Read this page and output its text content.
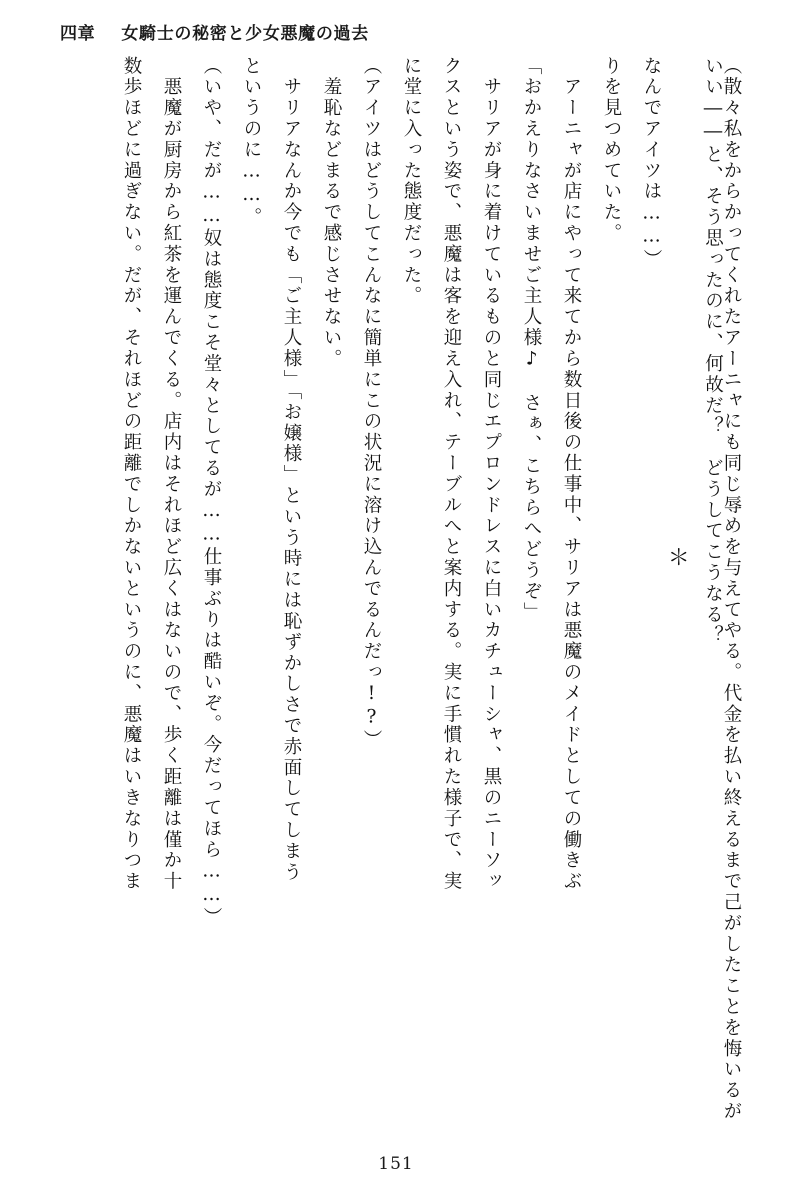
四章 女騎士の秘密と少女悪魔の過去
（散々私をからかってくれたアーニャにも同じ辱めを与えてやる。代金を払い終えるまで己がしたことを悔いるがいい――と、そう思ったのに、何故だ？　どうしてこうなる？

＊

なんでアイツは……）
りを見つめていた。
　アーニャが店にやって来てから数日後の仕事中、サリアは悪魔のメイドとしての働きぶ
「おかえりなさいませご主人様♪　さぁ、こちらへどうぞ」
　サリアが身に着けているものと同じエプロンドレスに白いカチューシャ、黒のニーソッ
クスという姿で、悪魔は客を迎え入れ、テーブルへと案内する。実に手慣れた様子で、実
に堂に入った態度だった。
（アイツはどうしてこんなに簡単にこの状況に溶け込んでるんだっ!?）
　羞恥などまるで感じさせない。
　サリアなんか今でも「ご主人様」「お嬢様」という時には恥ずかしさで赤面してしまう
というのに……。
（いや、だが……奴は態度こそ堂々としてるが……仕事ぶりは酷いぞ。今だってほら……）
　悪魔が厨房から紅茶を運んでくる。店内はそれほど広くはないので、歩く距離は僅か十
数歩ほどに過ぎない。だが、それほどの距離でしかないというのに、悪魔はいきなりつま
151
